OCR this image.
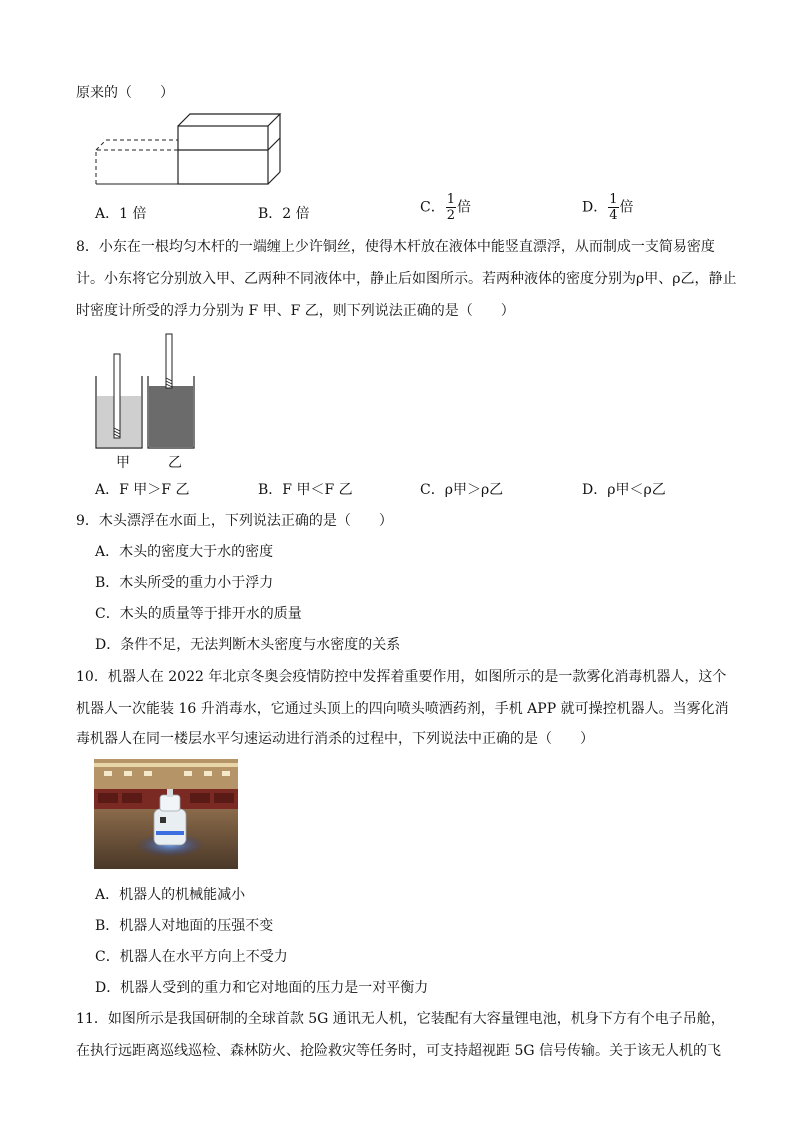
原来的（　　）
A．1 倍	B．2 倍	C． $\frac{1}{2}$ 倍	D． $\frac{1}{4}$ 倍
8．小东在一根均匀木杆的一端缠上少许铜丝，使得木杆放在液体中能竖直漂浮，从而制成一支简易密度
计。小东将它分别放入甲、乙两种不同液体中，静止后如图所示。若两种液体的密度分别为ρ甲、ρ乙，静止
时密度计所受的浮力分别为 F 甲、F 乙，则下列说法正确的是（　　）
甲	乙
A．F 甲＞F 乙	B．F 甲＜F 乙	C．ρ甲＞ρ乙	D．ρ甲＜ρ乙
9．木头漂浮在水面上，下列说法正确的是（　　）
A．木头的密度大于水的密度
B．木头所受的重力小于浮力
C．木头的质量等于排开水的质量
D．条件不足，无法判断木头密度与水密度的关系
10．机器人在 2022 年北京冬奥会疫情防控中发挥着重要作用，如图所示的是一款雾化消毒机器人，这个
机器人一次能装 16 升消毒水，它通过头顶上的四向喷头喷洒药剂，手机 APP 就可操控机器人。当雾化消
毒机器人在同一楼层水平匀速运动进行消杀的过程中，下列说法中正确的是（　　）
A．机器人的机械能减小
B．机器人对地面的压强不变
C．机器人在水平方向上不受力
D．机器人受到的重力和它对地面的压力是一对平衡力
11．如图所示是我国研制的全球首款 5G 通讯无人机，它装配有大容量锂电池，机身下方有个电子吊舱，
在执行远距离巡线巡检、森林防火、抢险救灾等任务时，可支持超视距 5G 信号传输。关于该无人机的飞
